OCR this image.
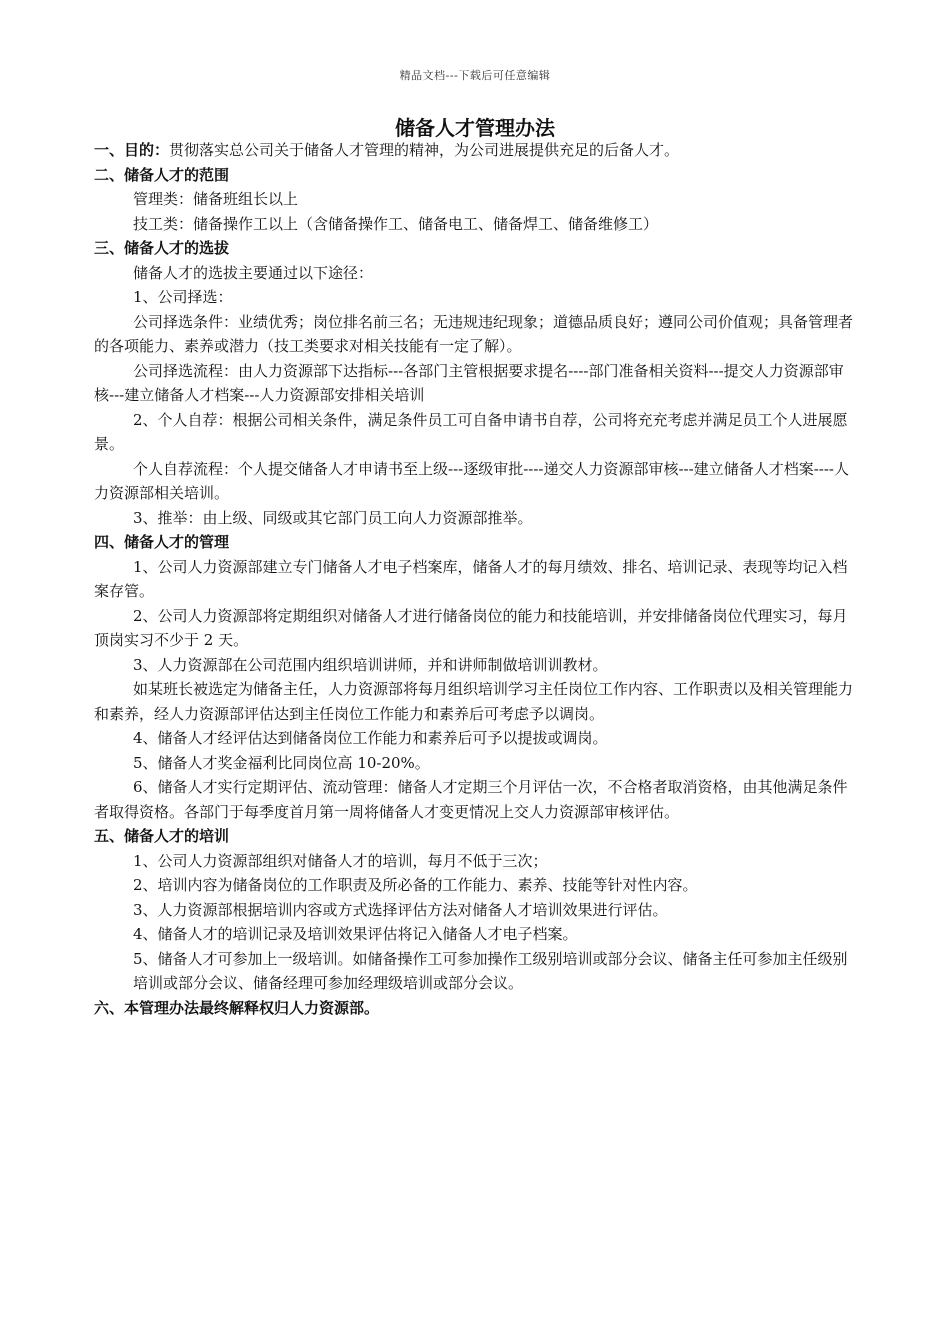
精品文档---下载后可任意编辑
储备人才管理办法

一、目的：贯彻落实总公司关于储备人才管理的精神，为公司进展提供充足的后备人才。

二、储备人才的范围

管理类：储备班组长以上

技工类：储备操作工以上（含储备操作工、储备电工、储备焊工、储备维修工）

三、储备人才的选拔

储备人才的选拔主要通过以下途径：

1、公司择选：

公司择选条件：业绩优秀；岗位排名前三名；无违规违纪现象；道德品质良好；遵同公司价值观；具备管理者的各项能力、素养或潜力（技工类要求对相关技能有一定了解）。

公司择选流程：由人力资源部下达指标---各部门主管根据要求提名----部门准备相关资料---提交人力资源部审核---建立储备人才档案---人力资源部安排相关培训

2、个人自荐：根据公司相关条件，满足条件员工可自备申请书自荐，公司将充充考虑并满足员工个人进展愿景。

个人自荐流程：个人提交储备人才申请书至上级---逐级审批----递交人力资源部审核---建立储备人才档案----人力资源部相关培训。

3、推举：由上级、同级或其它部门员工向人力资源部推举。

四、储备人才的管理

1、公司人力资源部建立专门储备人才电子档案库，储备人才的每月绩效、排名、培训记录、表现等均记入档案存管。

2、公司人力资源部将定期组织对储备人才进行储备岗位的能力和技能培训，并安排储备岗位代理实习，每月顶岗实习不少于 2 天。

3、人力资源部在公司范围内组织培训讲师，并和讲师制做培训训教材。

如某班长被选定为储备主任，人力资源部将每月组织培训学习主任岗位工作内容、工作职责以及相关管理能力和素养，经人力资源部评估达到主任岗位工作能力和素养后可考虑予以调岗。

4、储备人才经评估达到储备岗位工作能力和素养后可予以提拔或调岗。

5、储备人才奖金福利比同岗位高 10-20%。

6、储备人才实行定期评估、流动管理：储备人才定期三个月评估一次，不合格者取消资格，由其他满足条件者取得资格。各部门于每季度首月第一周将储备人才变更情况上交人力资源部审核评估。

五、储备人才的培训

1、公司人力资源部组织对储备人才的培训，每月不低于三次；

2、培训内容为储备岗位的工作职责及所必备的工作能力、素养、技能等针对性内容。

3、人力资源部根据培训内容或方式选择评估方法对储备人才培训效果进行评估。

4、储备人才的培训记录及培训效果评估将记入储备人才电子档案。

5、储备人才可参加上一级培训。如储备操作工可参加操作工级别培训或部分会议、储备主任可参加主任级别培训或部分会议、储备经理可参加经理级培训或部分会议。

六、本管理办法最终解释权归人力资源部。
